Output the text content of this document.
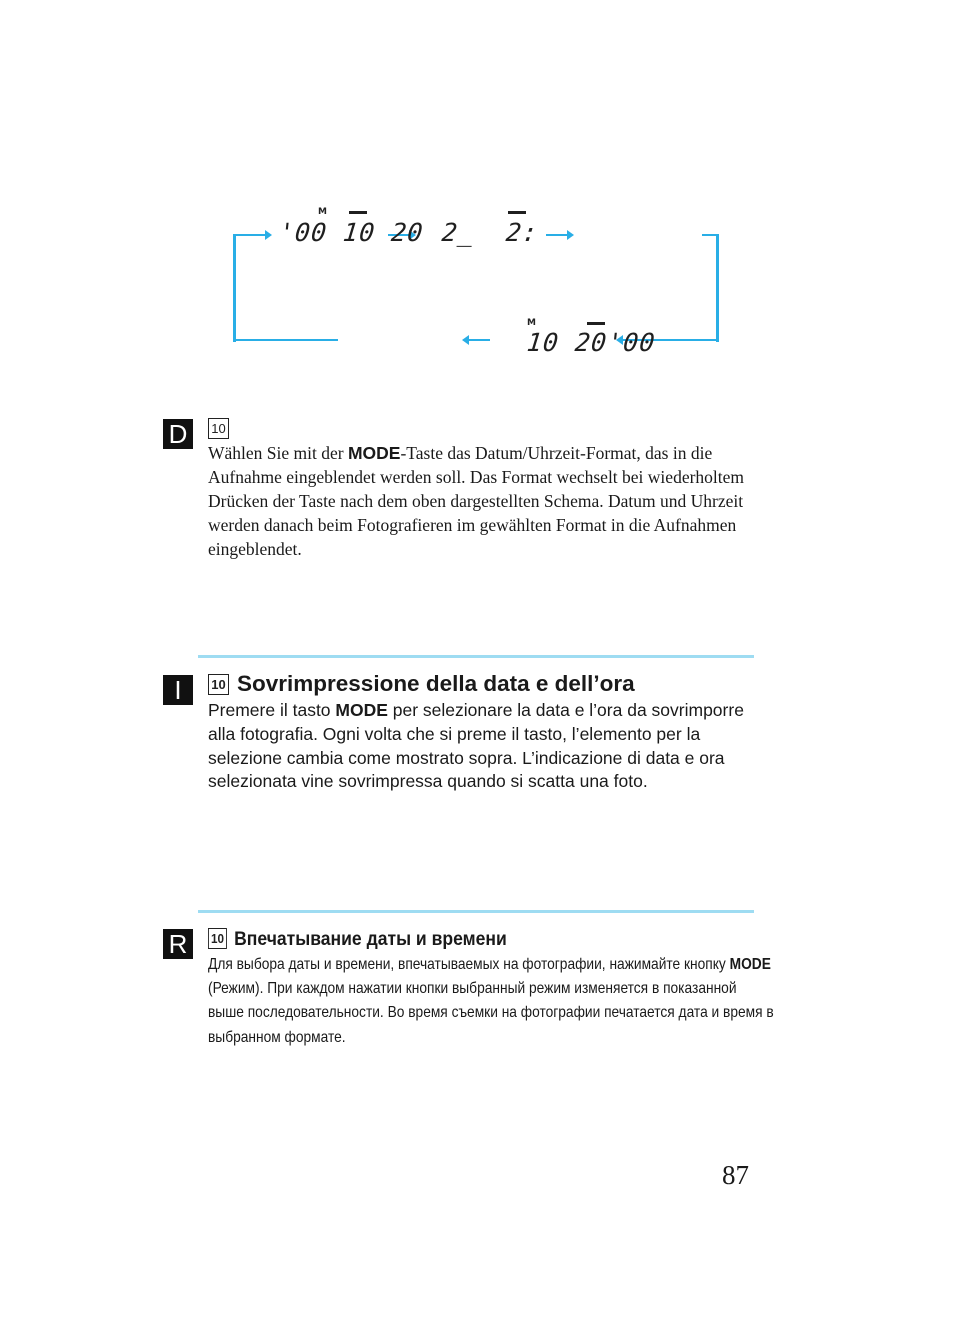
'00 10 20
M
2_  2:
10 20'00
M
D	10
Wählen Sie mit der MODE-Taste das Datum/Uhrzeit-Format, das in die Aufnahme eingeblendet werden soll. Das Format wechselt bei wiederholtem Drücken der Taste nach dem oben dargestellten Schema. Datum und Uhrzeit werden danach beim Fotografieren im gewählten Format in die Aufnahmen eingeblendet.
I	10 Sovrimpressione della data e dell’ora
Premere il tasto MODE per selezionare la data e l’ora da sovrimporre alla fotografia. Ogni volta che si preme il tasto, l’elemento per la selezione cambia come mostrato sopra. L’indicazione di data e ora selezionata vine sovrimpressa quando si scatta una foto.
R	10 Впечатывание даты и времени
Для выбора даты и времени, впечатываемых на фотографии, нажимайте кнопку MODE (Режим). При каждом нажатии кнопки выбранный режим изменяется в показанной выше последовательности. Во время съемки на фотографии печатается дата и время в выбранном формате.
87
